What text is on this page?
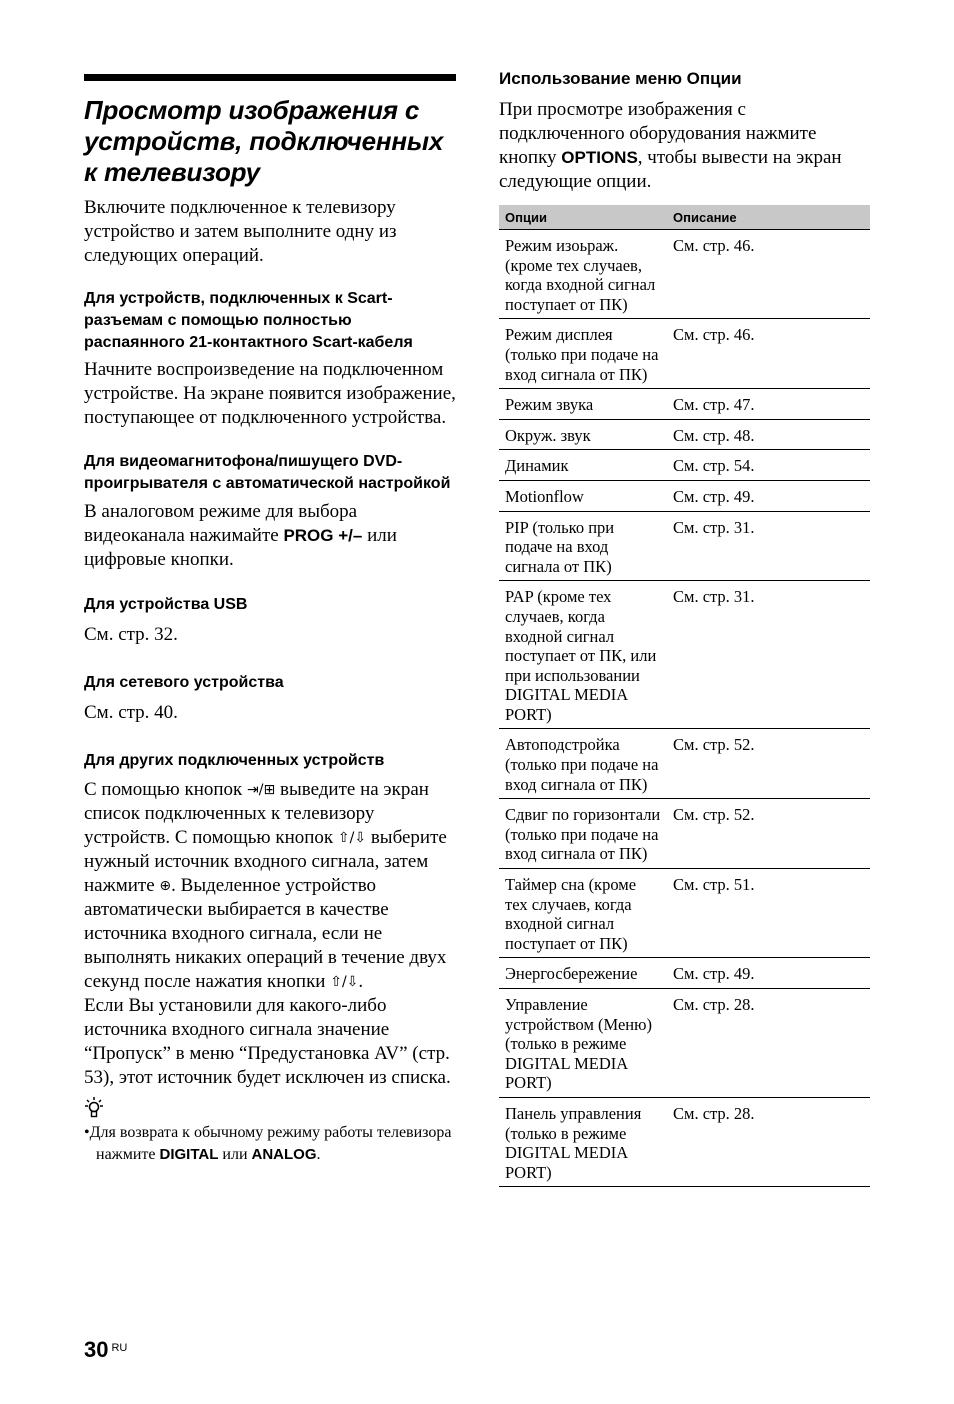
Просмотр изображения с устройств, подключенных к телевизору

Включите подключенное к телевизору устройство и затем выполните одну из следующих операций.

Для устройств, подключенных к Scart-разъемам с помощью полностью распаянного 21-контактного Scart-кабеля

Начните воспроизведение на подключенном устройстве. На экране появится изображение, поступающее от подключенного устройства.

Для видеомагнитофона/пишущего DVD-проигрывателя с автоматической настройкой

В аналоговом режиме для выбора видеоканала нажимайте PROG +/– или цифровые кнопки.

Для устройства USB

См. стр. 32.

Для сетевого устройства

См. стр. 40.

Для других подключенных устройств

С помощью кнопок ⇥/⊞ выведите на экран список подключенных к телевизору устройств. С помощью кнопок ⇧/⇩ выберите нужный источник входного сигнала, затем нажмите ⊕. Выделенное устройство автоматически выбирается в качестве источника входного сигнала, если не выполнять никаких операций в течение двух секунд после нажатия кнопки ⇧/⇩.

Если Вы установили для какого-либо источника входного сигнала значение “Пропуск” в меню “Предустановка AV” (стр. 53), этот источник будет исключен из списка.

•Для возврата к обычному режиму работы телевизора нажмите DIGITAL или ANALOG.

Использование меню Опции

При просмотре изображения с подключенного оборудования нажмите кнопку OPTIONS, чтобы вывести на экран следующие опции.

Опции	Описание
Режим изоьраж. (кроме тех случаев, когда входной сигнал поступает от ПК)	См. стр. 46.
Режим дисплея (только при подаче на вход сигнала от ПК)	См. стр. 46.
Режим звука	См. стр. 47.
Окруж. звук	См. стр. 48.
Динамик	См. стр. 54.
Motionflow	См. стр. 49.
PIP (только при подаче на вход сигнала от ПК)	См. стр. 31.
PAP (кроме тех случаев, когда входной сигнал поступает от ПК, или при использовании DIGITAL MEDIA PORT)	См. стр. 31.
Автоподстройка (только при подаче на вход сигнала от ПК)	См. стр. 52.
Сдвиг по горизонтали (только при подаче на вход сигнала от ПК)	См. стр. 52.
Таймер сна (кроме тех случаев, когда входной сигнал поступает от ПК)	См. стр. 51.
Энергосбережение	См. стр. 49.
Управление устройством (Меню) (только в режиме DIGITAL MEDIA PORT)	См. стр. 28.
Панель управления (только в режиме DIGITAL MEDIA PORT)	См. стр. 28.
30 $^{RU}$
